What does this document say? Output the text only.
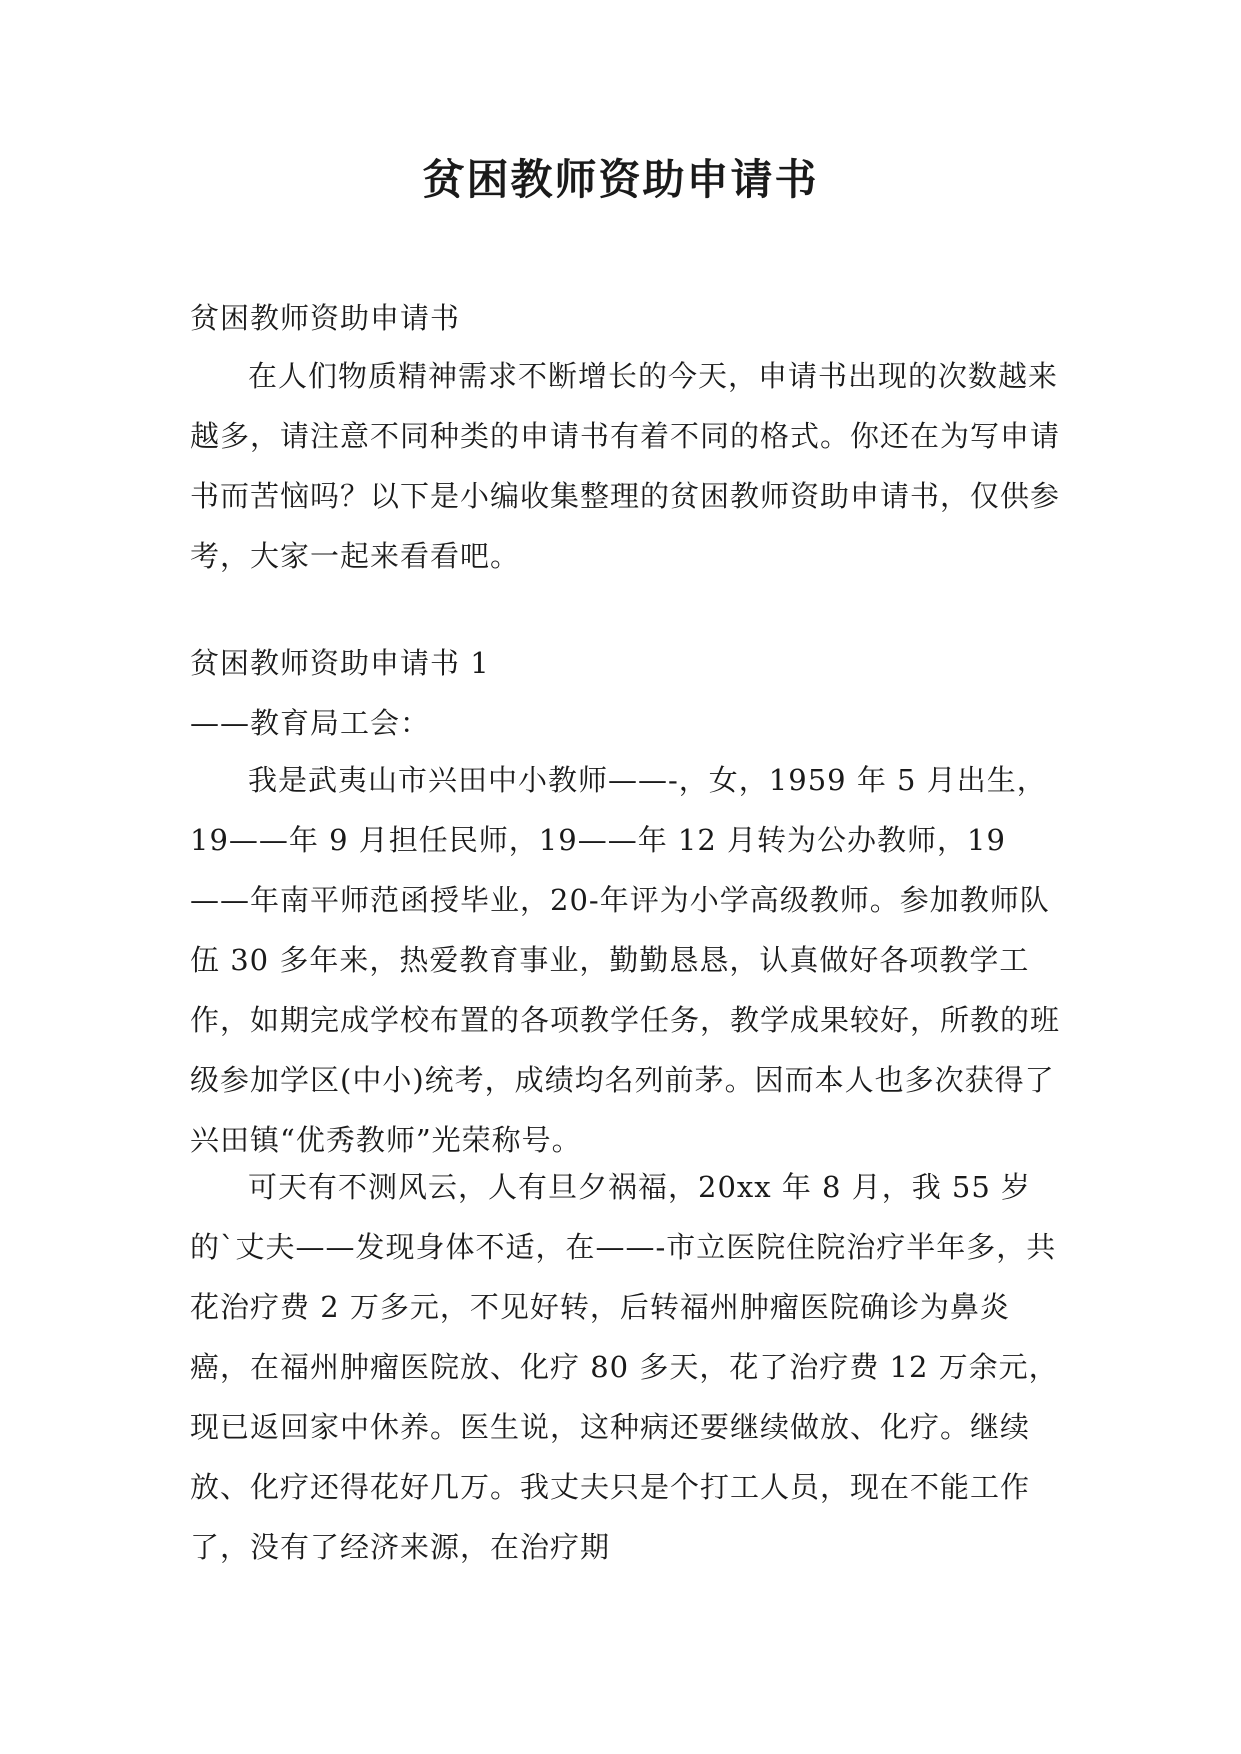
贫困教师资助申请书

贫困教师资助申请书

在人们物质精神需求不断增长的今天，申请书出现的次数越来越多，请注意不同种类的申请书有着不同的格式。你还在为写申请书而苦恼吗？以下是小编收集整理的贫困教师资助申请书，仅供参考，大家一起来看看吧。

贫困教师资助申请书 1

——教育局工会：

我是武夷山市兴田中小教师——-，女，1959 年 5 月出生，19——年 9 月担任民师，19——年 12 月转为公办教师，19——年南平师范函授毕业，20-年评为小学高级教师。参加教师队伍 30 多年来，热爱教育事业，勤勤恳恳，认真做好各项教学工作，如期完成学校布置的各项教学任务，教学成果较好，所教的班级参加学区(中小)统考，成绩均名列前茅。因而本人也多次获得了兴田镇“优秀教师”光荣称号。

可天有不测风云，人有旦夕祸福，20xx 年 8 月，我 55 岁的`丈夫——发现身体不适，在——-市立医院住院治疗半年多，共花治疗费 2 万多元，不见好转，后转福州肿瘤医院确诊为鼻炎癌，在福州肿瘤医院放、化疗 80 多天，花了治疗费 12 万余元，现已返回家中休养。医生说，这种病还要继续做放、化疗。继续放、化疗还得花好几万。我丈夫只是个打工人员，现在不能工作了，没有了经济来源，在治疗期
